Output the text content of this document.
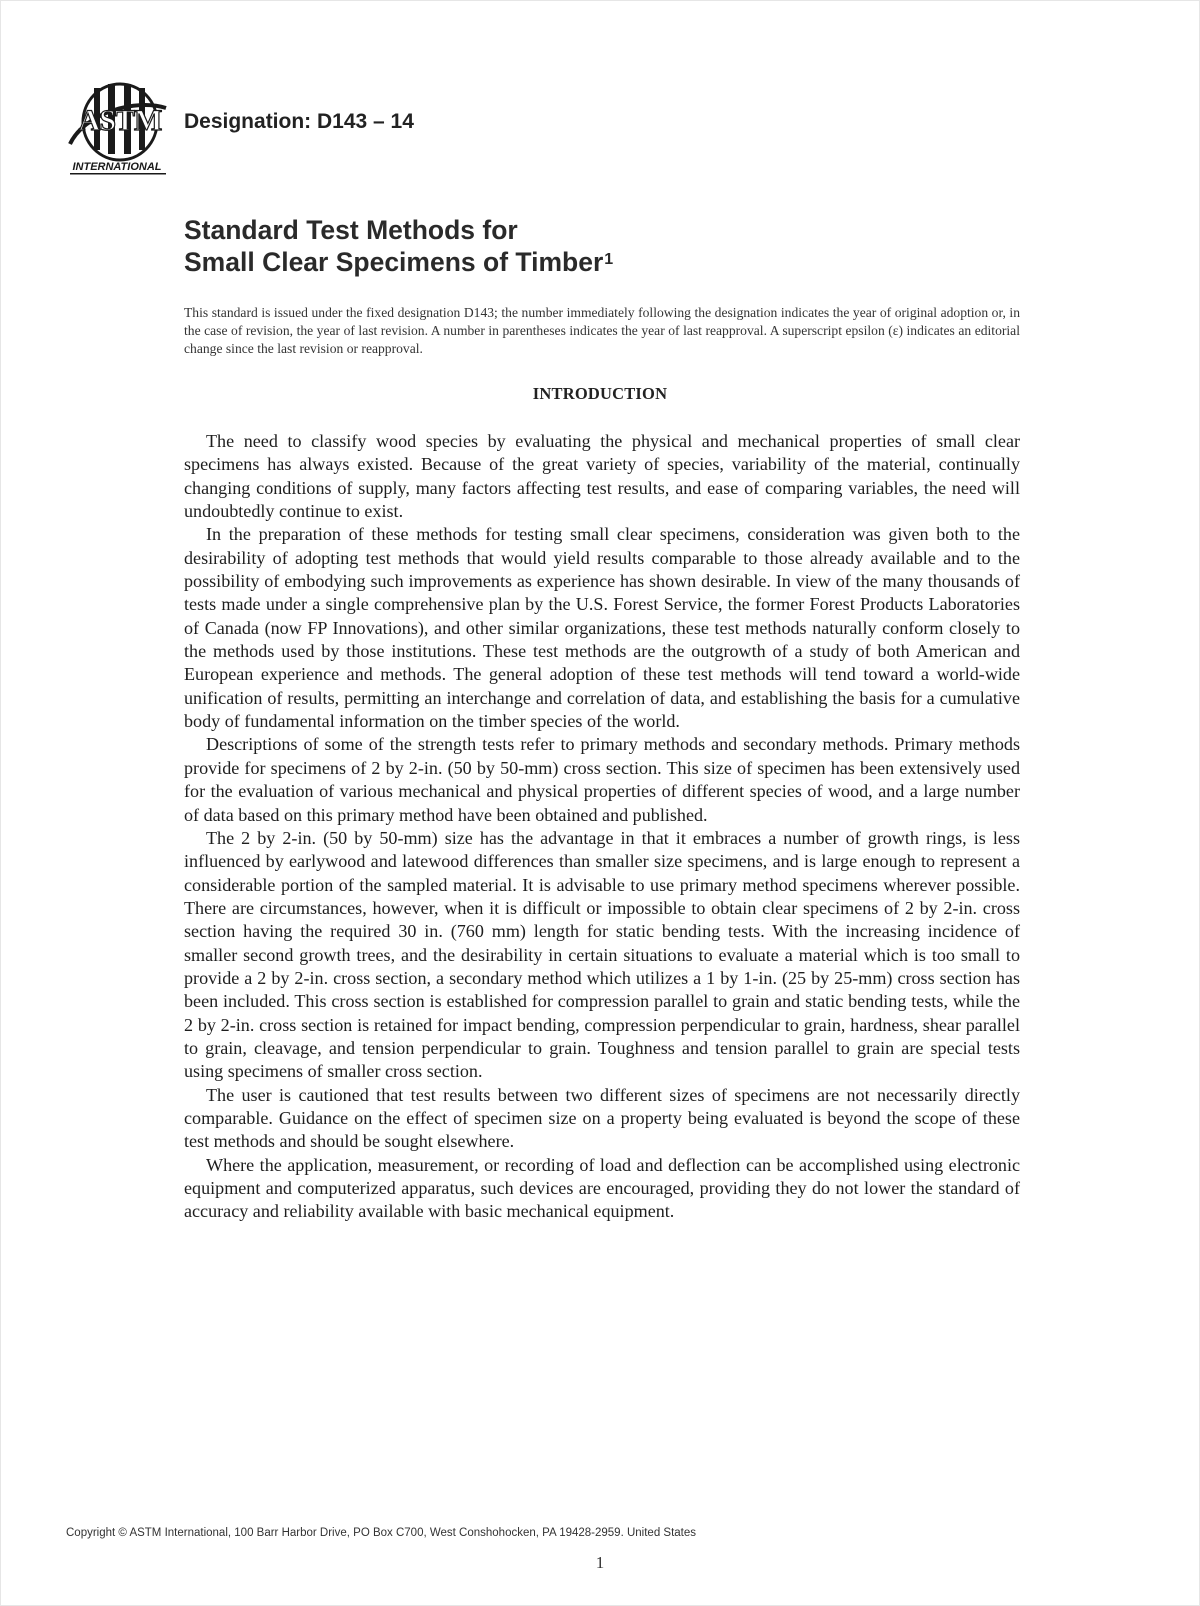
ASTM
INTERNATIONAL
Designation: D143 – 14
Standard Test Methods for
Small Clear Specimens of Timber$^1$

This standard is issued under the fixed designation D143; the number immediately following the designation indicates the year of original adoption or, in the case of revision, the year of last revision. A number in parentheses indicates the year of last reapproval. A superscript epsilon (ε) indicates an editorial change since the last revision or reapproval.

INTRODUCTION

The need to classify wood species by evaluating the physical and mechanical properties of small clear specimens has always existed. Because of the great variety of species, variability of the material, continually changing conditions of supply, many factors affecting test results, and ease of comparing variables, the need will undoubtedly continue to exist.

In the preparation of these methods for testing small clear specimens, consideration was given both to the desirability of adopting test methods that would yield results comparable to those already available and to the possibility of embodying such improvements as experience has shown desirable. In view of the many thousands of tests made under a single comprehensive plan by the U.S. Forest Service, the former Forest Products Laboratories of Canada (now FP Innovations), and other similar organizations, these test methods naturally conform closely to the methods used by those institutions. These test methods are the outgrowth of a study of both American and European experience and methods. The general adoption of these test methods will tend toward a world-wide unification of results, permitting an interchange and correlation of data, and establishing the basis for a cumulative body of fundamental information on the timber species of the world.

Descriptions of some of the strength tests refer to primary methods and secondary methods. Primary methods provide for specimens of 2 by 2-in. (50 by 50-mm) cross section. This size of specimen has been extensively used for the evaluation of various mechanical and physical properties of different species of wood, and a large number of data based on this primary method have been obtained and published.

The 2 by 2-in. (50 by 50-mm) size has the advantage in that it embraces a number of growth rings, is less influenced by earlywood and latewood differences than smaller size specimens, and is large enough to represent a considerable portion of the sampled material. It is advisable to use primary method specimens wherever possible. There are circumstances, however, when it is difficult or impossible to obtain clear specimens of 2 by 2-in. cross section having the required 30 in. (760 mm) length for static bending tests. With the increasing incidence of smaller second growth trees, and the desirability in certain situations to evaluate a material which is too small to provide a 2 by 2-in. cross section, a secondary method which utilizes a 1 by 1-in. (25 by 25-mm) cross section has been included. This cross section is established for compression parallel to grain and static bending tests, while the 2 by 2-in. cross section is retained for impact bending, compression perpendicular to grain, hardness, shear parallel to grain, cleavage, and tension perpendicular to grain. Toughness and tension parallel to grain are special tests using specimens of smaller cross section.

The user is cautioned that test results between two different sizes of specimens are not necessarily directly comparable. Guidance on the effect of specimen size on a property being evaluated is beyond the scope of these test methods and should be sought elsewhere.

Where the application, measurement, or recording of load and deflection can be accomplished using electronic equipment and computerized apparatus, such devices are encouraged, providing they do not lower the standard of accuracy and reliability available with basic mechanical equipment.

Copyright © ASTM International, 100 Barr Harbor Drive, PO Box C700, West Conshohocken, PA 19428-2959. United States
1
